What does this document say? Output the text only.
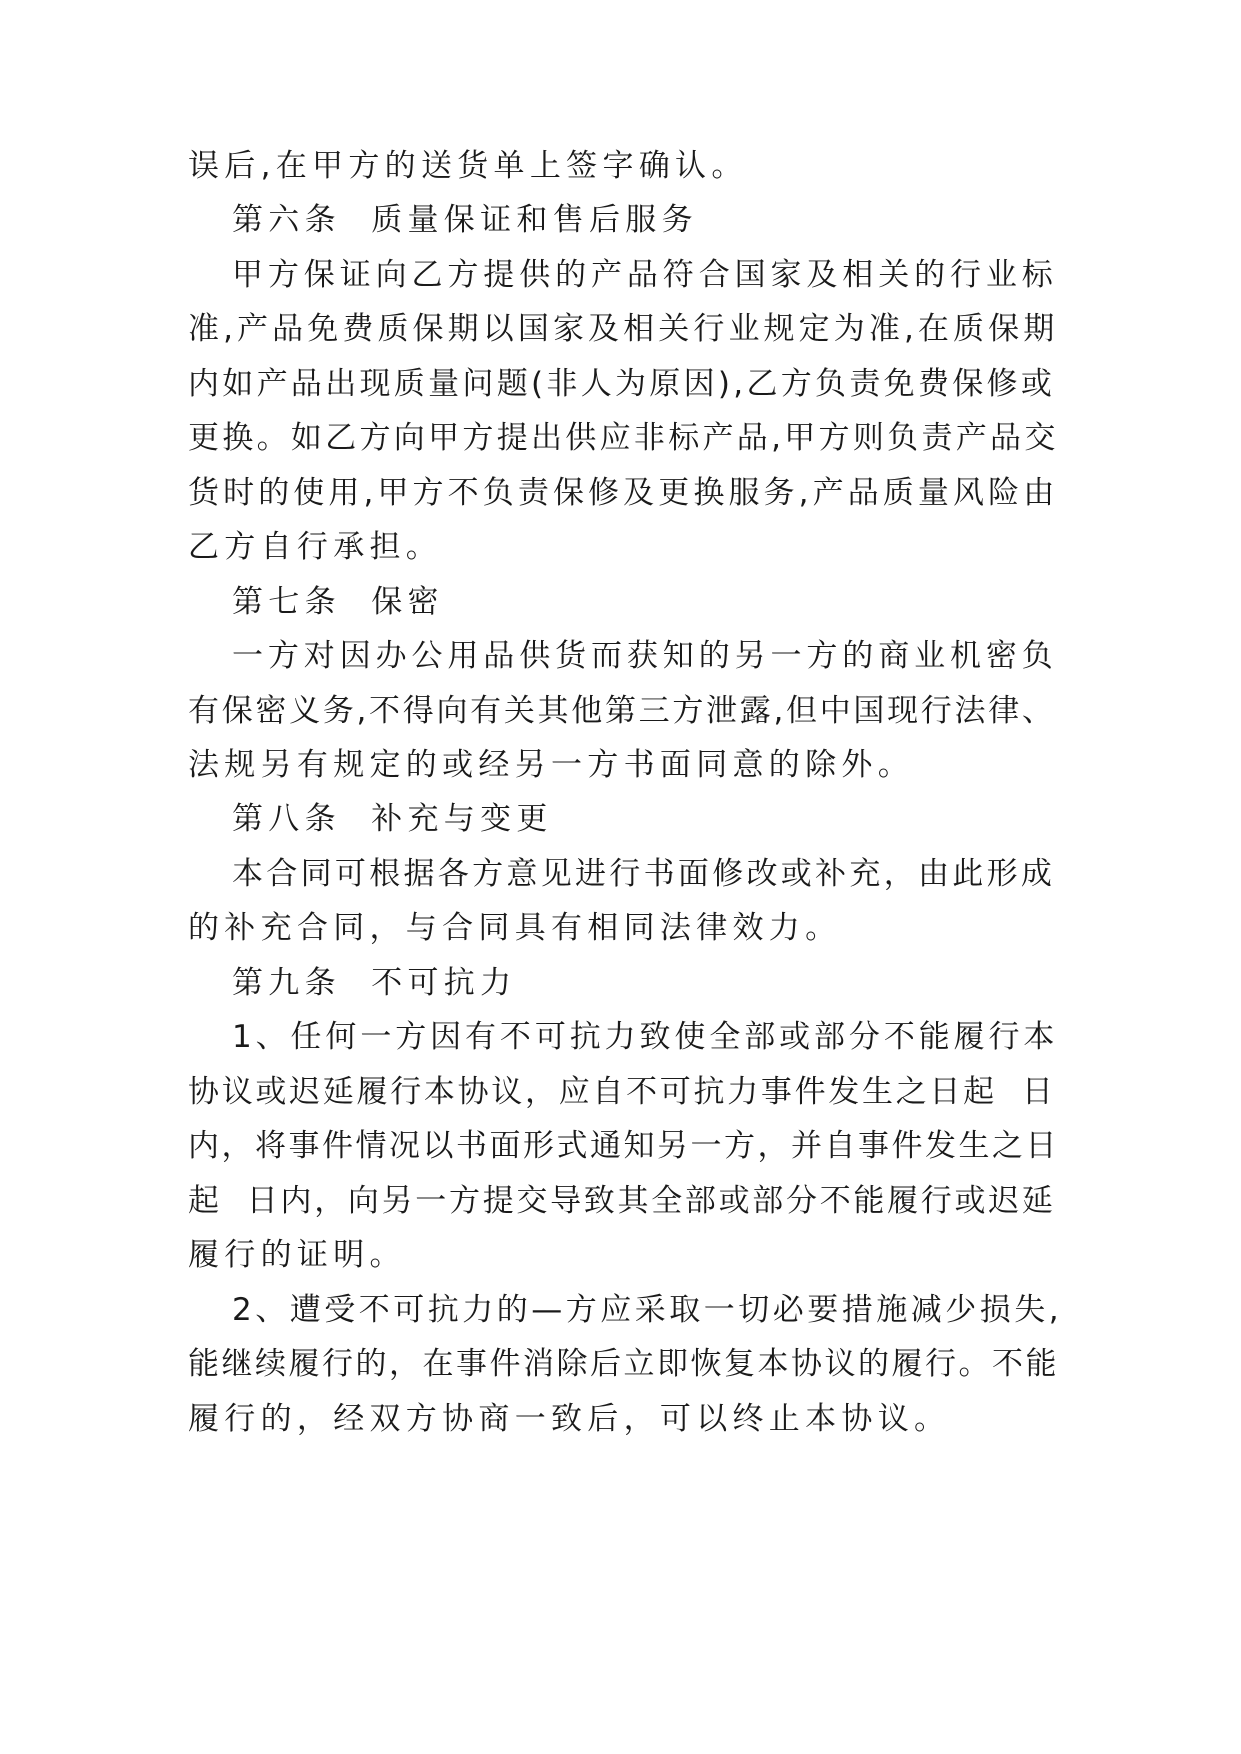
误后,在甲方的送货单上签字确认。
第六条  质量保证和售后服务
甲方保证向乙方提供的产品符合国家及相关的行业标
准,产品免费质保期以国家及相关行业规定为准,在质保期
内如产品出现质量问题(非人为原因),乙方负责免费保修或
更换。如乙方向甲方提出供应非标产品,甲方则负责产品交
货时的使用,甲方不负责保修及更换服务,产品质量风险由
乙方自行承担。
第七条  保密
一方对因办公用品供货而获知的另一方的商业机密负
有保密义务,不得向有关其他第三方泄露,但中国现行法律、
法规另有规定的或经另一方书面同意的除外。
第八条  补充与变更
本合同可根据各方意见进行书面修改或补充，由此形成
的补充合同，与合同具有相同法律效力。
第九条  不可抗力
1、任何一方因有不可抗力致使全部或部分不能履行本
协议或迟延履行本协议，应自不可抗力事件发生之日起  日
内，将事件情况以书面形式通知另一方，并自事件发生之日
起  日内，向另一方提交导致其全部或部分不能履行或迟延
履行的证明。
2、遭受不可抗力的—方应采取一切必要措施减少损失,
能继续履行的，在事件消除后立即恢复本协议的履行。不能
履行的，经双方协商一致后，可以终止本协议。
